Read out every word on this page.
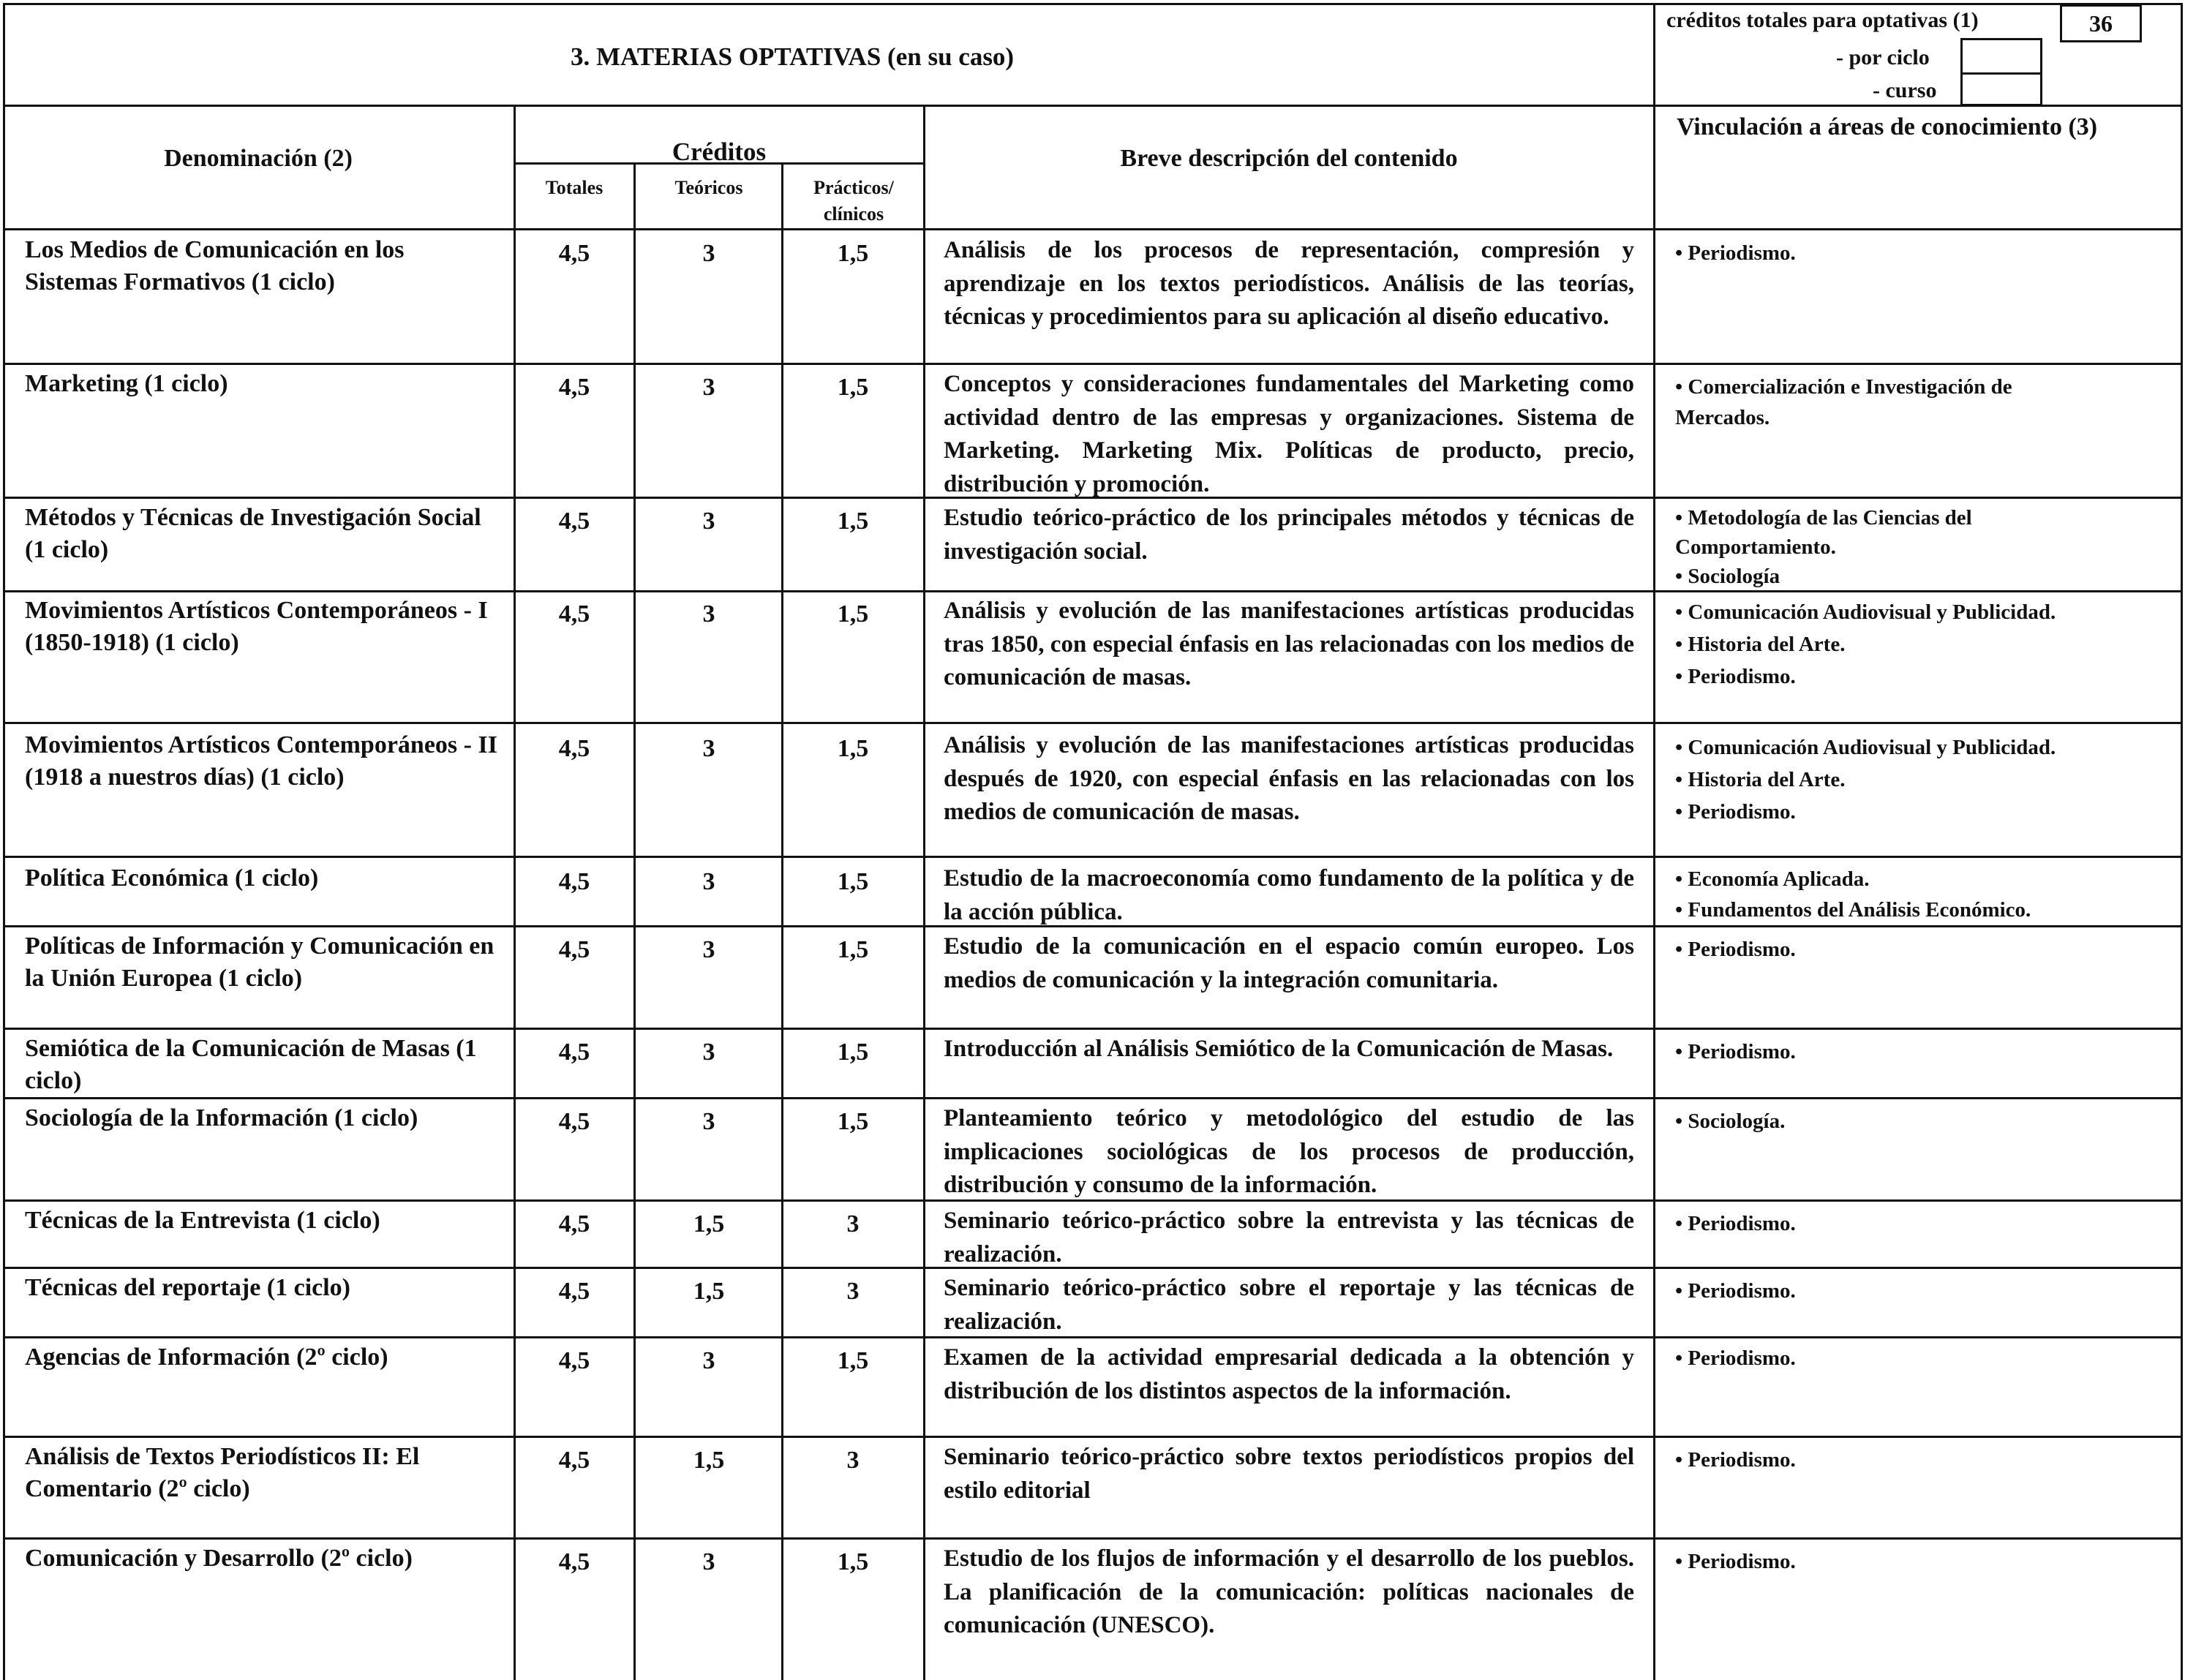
3. MATERIAS OPTATIVAS (en su caso)
créditos totales para optativas (1)	36
- por ciclo
- curso
Denominación (2)	Créditos
Totales	Teóricos	Prácticos/
clínicos
Breve descripción del contenido
Vinculación a áreas de conocimiento (3)
Los Medios de Comunicación en los Sistemas Formativos (1 ciclo)
4,5	3	1,5	Análisis de los procesos de representación, compresión y aprendizaje en los textos periodísticos. Análisis de las teorías, técnicas y procedimientos para su aplicación al diseño educativo.
• Periodismo.
Marketing (1 ciclo)	4,5	3	1,5	Conceptos y consideraciones fundamentales del Marketing como actividad dentro de las empresas y organizaciones. Sistema de Marketing. Marketing Mix. Políticas de producto, precio, distribución y promoción.
• Comercialización e Investigación de Mercados.
Métodos y Técnicas de Investigación Social (1 ciclo)
4,5	3	1,5	Estudio teórico-práctico de los principales métodos y técnicas de investigación social.
• Metodología de las Ciencias del Comportamiento.
• Sociología
Movimientos Artísticos Contemporáneos - I (1850-1918) (1 ciclo)
4,5	3	1,5	Análisis y evolución de las manifestaciones artísticas producidas tras 1850, con especial énfasis en las relacionadas con los medios de comunicación de masas.
• Comunicación Audiovisual y Publicidad.
• Historia del Arte.
• Periodismo.
Movimientos Artísticos Contemporáneos - II (1918 a nuestros días) (1 ciclo)
4,5	3	1,5	Análisis y evolución de las manifestaciones artísticas producidas después de 1920, con especial énfasis en las relacionadas con los medios de comunicación de masas.
• Comunicación Audiovisual y Publicidad.
• Historia del Arte.
• Periodismo.
Política Económica (1 ciclo)	4,5	3	1,5	Estudio de la macroeconomía como fundamento de la política y de la acción pública.
• Economía Aplicada.
• Fundamentos del Análisis Económico.
Políticas de Información y Comunicación en la Unión Europea (1 ciclo)
4,5	3	1,5	Estudio de la comunicación en el espacio común europeo. Los medios de comunicación y la integración comunitaria.
• Periodismo.
Semiótica de la Comunicación de Masas (1 ciclo)
4,5	3	1,5	Introducción al Análisis Semiótico de la Comunicación de Masas.
•	Periodismo.
Sociología de la Información (1 ciclo)	4,5	3	1,5	Planteamiento teórico y metodológico del estudio de las implicaciones sociológicas de los procesos de producción, distribución y consumo de la información.
• Sociología.
Técnicas de la Entrevista (1 ciclo)	4,5	1,5	3	Seminario teórico-práctico sobre la entrevista y las técnicas de realización.
• Periodismo.
Técnicas del reportaje (1 ciclo)	4,5	1,5	3	Seminario teórico-práctico sobre el reportaje y las técnicas de realización.
• Periodismo.
Agencias de Información (2º ciclo)	4,5	3	1,5	Examen de la actividad empresarial dedicada a la obtención y distribución de los distintos aspectos de la información.
• Periodismo.
Análisis de Textos Periodísticos II: El Comentario (2º ciclo)
4,5	1,5	3	Seminario teórico-práctico sobre textos periodísticos propios del estilo editorial
• Periodismo.
Comunicación y Desarrollo (2º ciclo)	4,5	3	1,5	Estudio de los flujos de información y el desarrollo de los pueblos. La planificación de la comunicación: políticas nacionales de comunicación (UNESCO).
• Periodismo.
